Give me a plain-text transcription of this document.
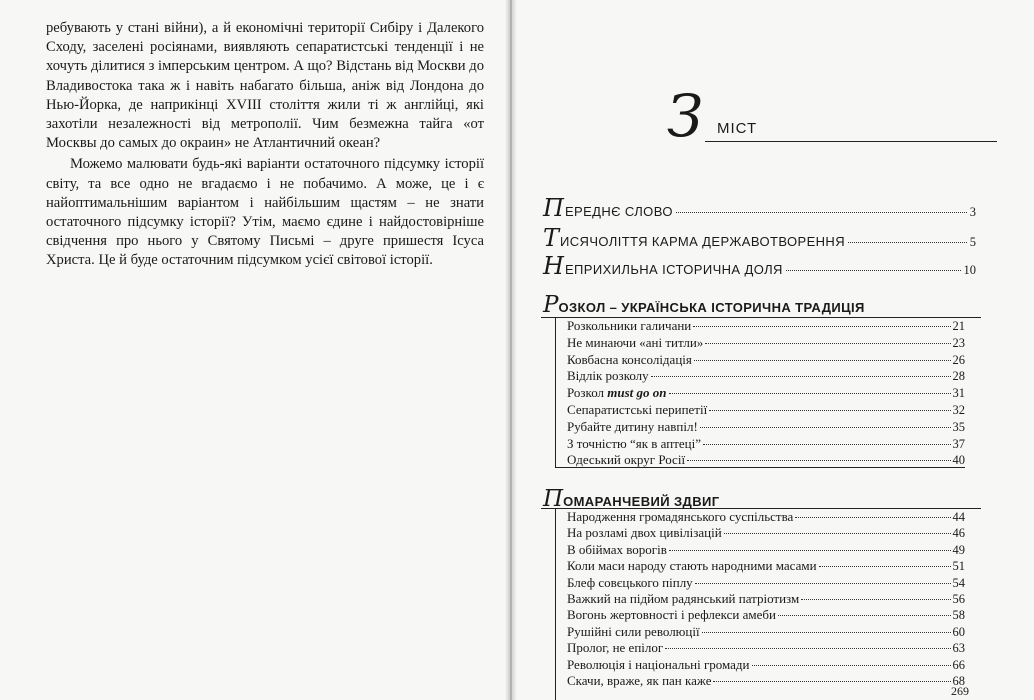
ребувають у стані війни), а й економічні території Сибіру і Далекого Сходу, заселені росіянами, виявляють сепаратистські тенденції і не хочуть ділитися з імперським центром. А що? Відстань від Москви до Владивостока така ж і навіть набагато більша, аніж від Лондона до Нью-Йорка, де наприкінці XVIII століття жили ті ж англійці, які захотіли незалежності від метрополії. Чим безмежна тайга «от Москвы до самых до окраин» не Атлантичний океан?

Можемо малювати будь-які варіанти остаточного підсумку історії світу, та все одно не вгадаємо і не побачимо. А може, це і є найоптимальнішим варіантом і найбільшим щастям – не знати остаточного підсумку історії? Утім, маємо єдине і найдостовірніше свідчення про нього у Святому Письмі – друге пришестя Ісуса Христа. Це й буде остаточним підсумком усієї світової історії.

З МІСТ
П ЕРЕДНЄ СЛОВО	3
Т ИСЯЧОЛІТТЯ КАРМА ДЕРЖАВОТВОРЕННЯ	5
Н ЕПРИХИЛЬНА ІСТОРИЧНА ДОЛЯ	10
Р ОЗКОЛ – УКРАЇНСЬКА ІСТОРИЧНА ТРАДИЦІЯ
Розкольники галичани	21
Не минаючи «ані титли»	23
Ковбасна консолідація	26
Відлік розколу	28
Розкол must go on	31
Сепаратистські перипетії	32
Рубайте дитину навпіл!	35
З точністю “як в аптеці”	37
Одеський округ Росії	40
П ОМАРАНЧЕВИЙ ЗДВИГ
Народження громадянського суспільства	44
На розламі двох цивілізацій	46
В обіймах ворогів	49
Коли маси народу стають народними масами	51
Блеф совєцького піплу	54
Важкий на підйом радянський патріотизм	56
Вогонь жертовності і рефлекси амеби	58
Рушійні сили революції	60
Пролог, не епілог	63
Революція і національні громади	66
Скачи, враже, як пан каже	68
269
